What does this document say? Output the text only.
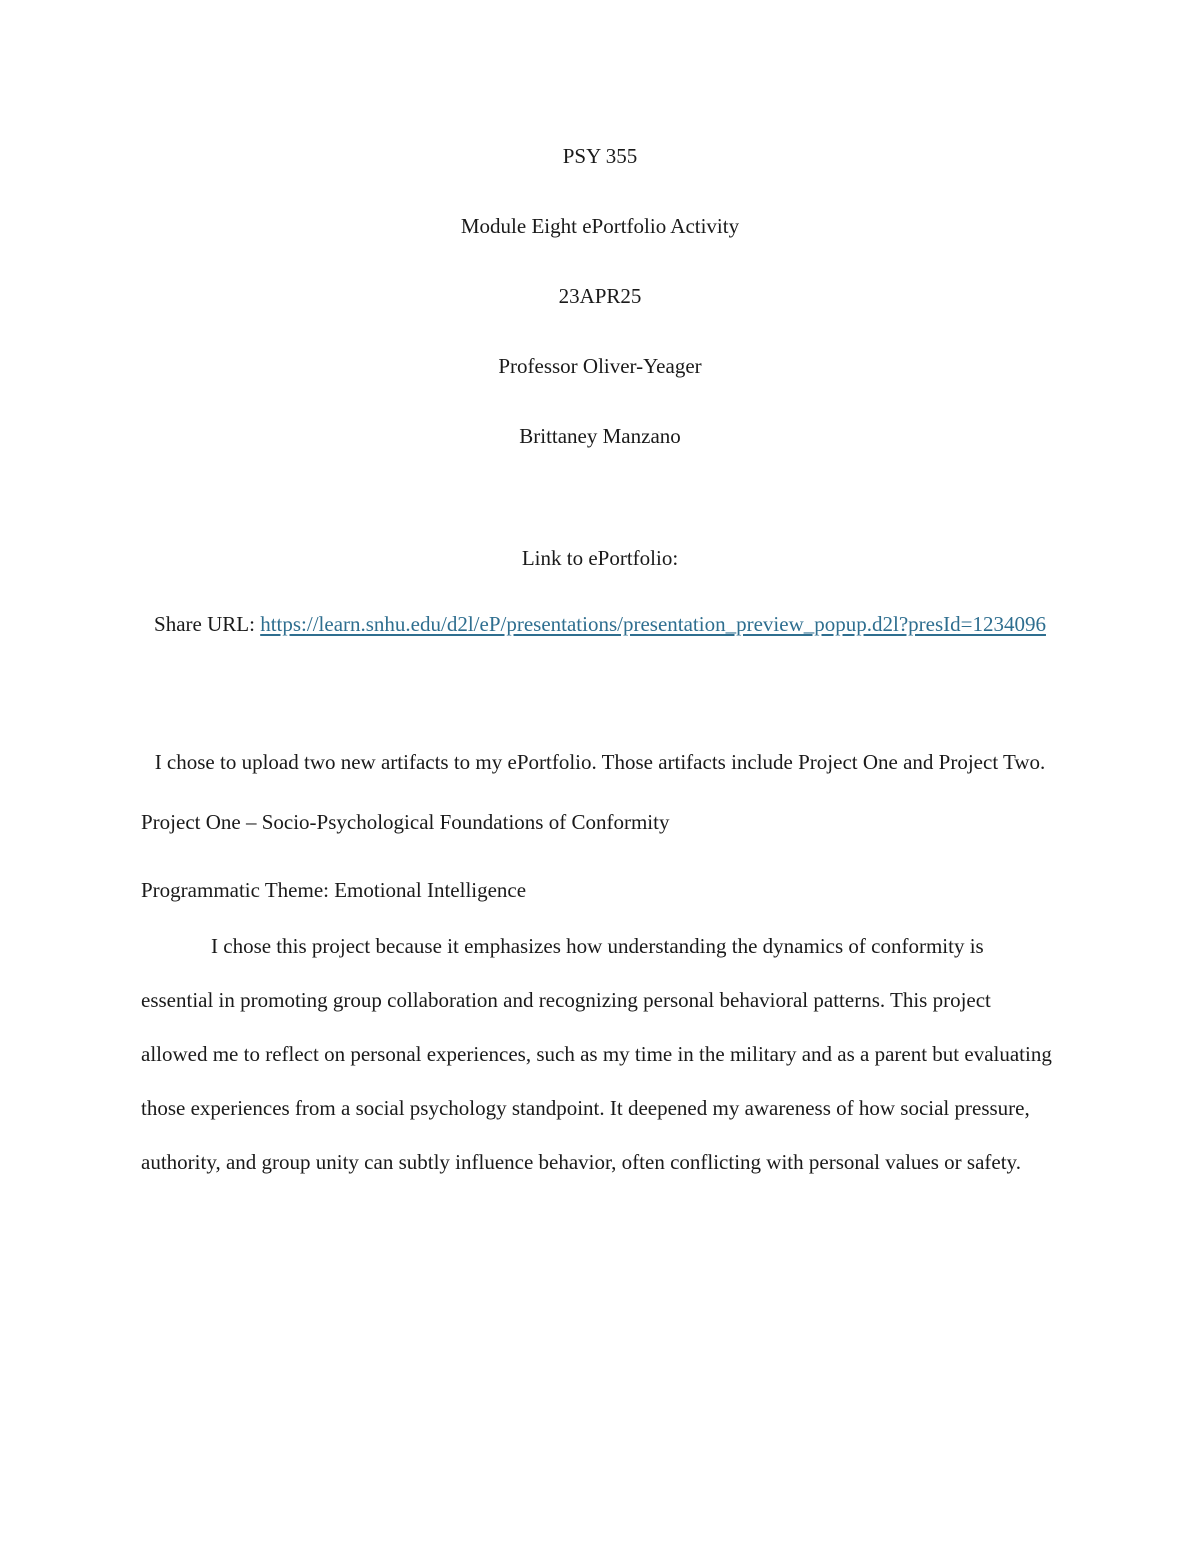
PSY 355
Module Eight ePortfolio Activity
23APR25
Professor Oliver-Yeager
Brittaney Manzano
Link to ePortfolio:
Share URL: https://learn.snhu.edu/d2l/eP/presentations/presentation_preview_popup.d2l?presId=1234096
I chose to upload two new artifacts to my ePortfolio. Those artifacts include Project One and Project Two.
Project One – Socio-Psychological Foundations of Conformity
Programmatic Theme: Emotional Intelligence
I chose this project because it emphasizes how understanding the dynamics of conformity is essential in promoting group collaboration and recognizing personal behavioral patterns. This project allowed me to reflect on personal experiences, such as my time in the military and as a parent but evaluating those experiences from a social psychology standpoint. It deepened my awareness of how social pressure, authority, and group unity can subtly influence behavior, often conflicting with personal values or safety.
